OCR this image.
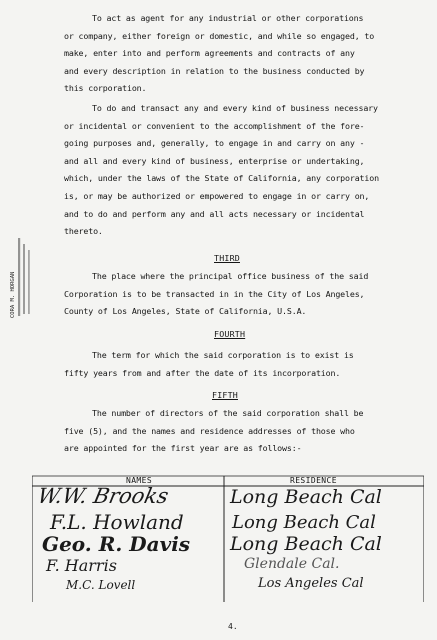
To act as agent for any industrial or other corporations

or company, either foreign or domestic, and while so engaged, to

make, enter into and perform agreements and contracts of any

and every description in relation to the business conducted by

this corporation.

To do and transact any and every kind of business necessary

or incidental or convenient to the accomplishment of the fore-

going purposes and, generally, to engage in and carry on any -

and all and every kind of business, enterprise or undertaking,

which, under the laws of the State of California, any corporation

is, or may be authorized or empowered to engage in or carry on,

and to do and perform any and all acts necessary or incidental

thereto.

THIRD

The place where the principal office business of the said

Corporation is to be transacted in in the City of Los Angeles,

County of Los Angeles, State of California, U.S.A.

FOURTH

The term for which the said corporation is to exist is

fifty years from and after the date of its incorporation.

FIFTH

The number of directors of the said corporation shall be

five (5), and the names and residence addresses of those who

are appointed for the first year are as follows:-

CORA M. HORGAN
NAMES	RESIDENCE
W.W. Brooks	Long Beach Cal
F.L. Howland	Long Beach Cal
Geo. R. Davis Long Beach Cal
F. Harris	Glendale Cal.
M.C. Lovell	Los Angeles Cal
4.
